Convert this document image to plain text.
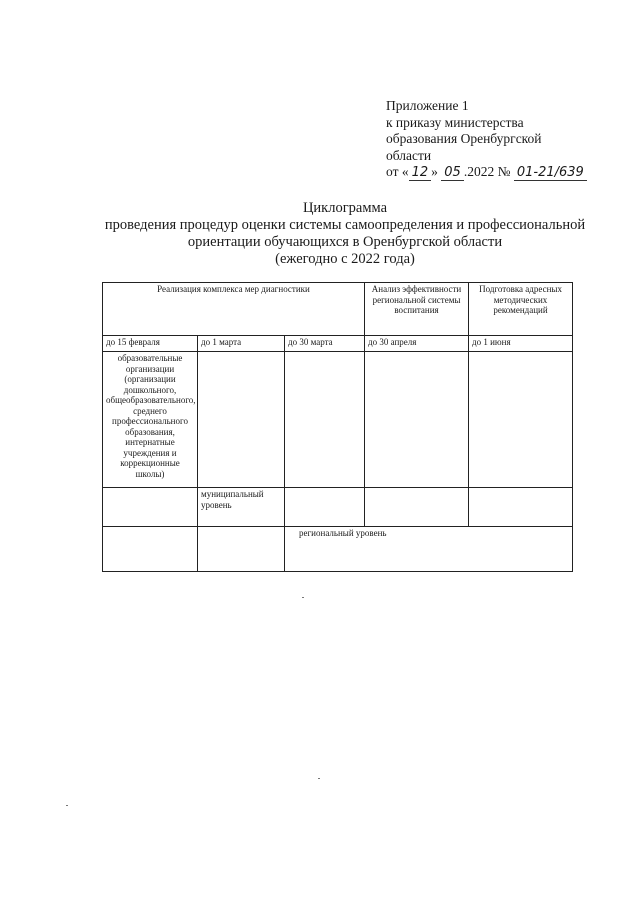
Приложение 1
к приказу министерства
образования Оренбургской
области
от « 12 » 05 .2022 № 01-21/639
Циклограмма
проведения процедур оценки системы самоопределения и профессиональной
ориентации обучающихся в Оренбургской области
(ежегодно с 2022 года)
Реализация комплекса мер диагностики			Анализ эффективности региональной системы воспитания	Подготовка адресных методических рекомендаций
до 15 февраля	до 1 марта	до 30 марта	до 30 апреля	до 1 июня
образовательные организации (организации дошкольного, общеобразовательного, среднего профессионального образования, интернатные учреждения и коррекционные школы)				
	муниципальный уровень			
		региональный уровень		
